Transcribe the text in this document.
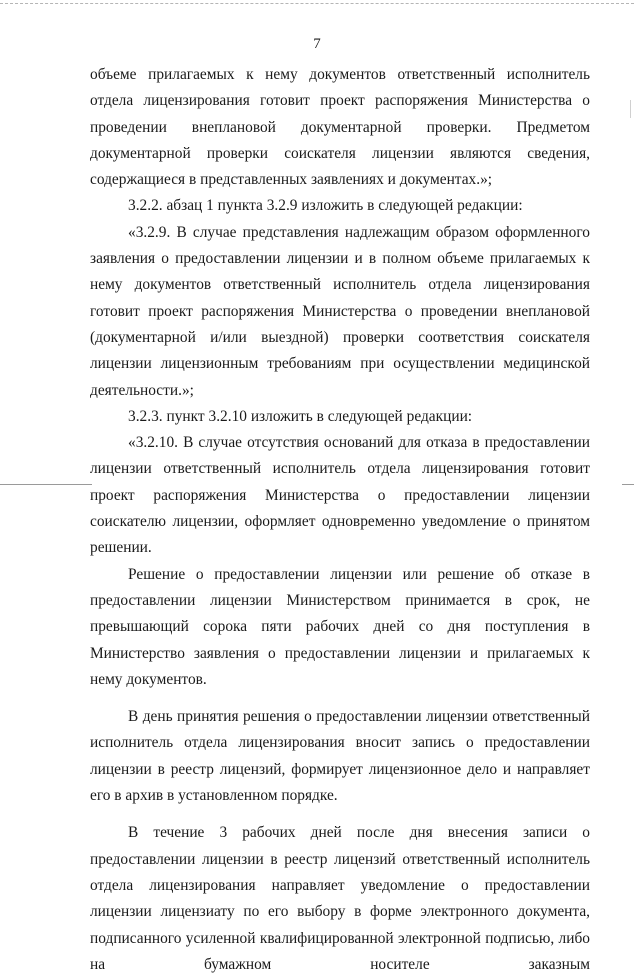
7

объеме прилагаемых к нему документов ответственный исполнитель отдела лицензирования готовит проект распоряжения Министерства о проведении внеплановой документарной проверки. Предметом документарной проверки соискателя лицензии являются сведения, содержащиеся в представленных заявлениях и документах.»;

3.2.2. абзац 1 пункта 3.2.9 изложить в следующей редакции:

«3.2.9. В случае представления надлежащим образом оформленного заявления о предоставлении лицензии и в полном объеме прилагаемых к нему документов ответственный исполнитель отдела лицензирования готовит проект распоряжения Министерства о проведении внеплановой (документарной и/или выездной) проверки соответствия соискателя лицензии лицензионным требованиям при осуществлении медицинской деятельности.»;

3.2.3. пункт 3.2.10 изложить в следующей редакции:

«3.2.10. В случае отсутствия оснований для отказа в предоставлении лицензии ответственный исполнитель отдела лицензирования готовит проект распоряжения Министерства о предоставлении лицензии соискателю лицензии, оформляет одновременно уведомление о принятом решении.

Решение о предоставлении лицензии или решение об отказе в предоставлении лицензии Министерством принимается в срок, не превышающий сорока пяти рабочих дней со дня поступления в Министерство заявления о предоставлении лицензии и прилагаемых к нему документов.

В день принятия решения о предоставлении лицензии ответственный исполнитель отдела лицензирования вносит запись о предоставлении лицензии в реестр лицензий, формирует лицензионное дело и направляет его в архив в установленном порядке.

В течение 3 рабочих дней после дня внесения записи о предоставлении лицензии в реестр лицензий ответственный исполнитель отдела лицензирования направляет уведомление о предоставлении лицензии лицензиату по его выбору в форме электронного документа, подписанного усиленной квалифицированной электронной подписью, либо на бумажном носителе заказным
